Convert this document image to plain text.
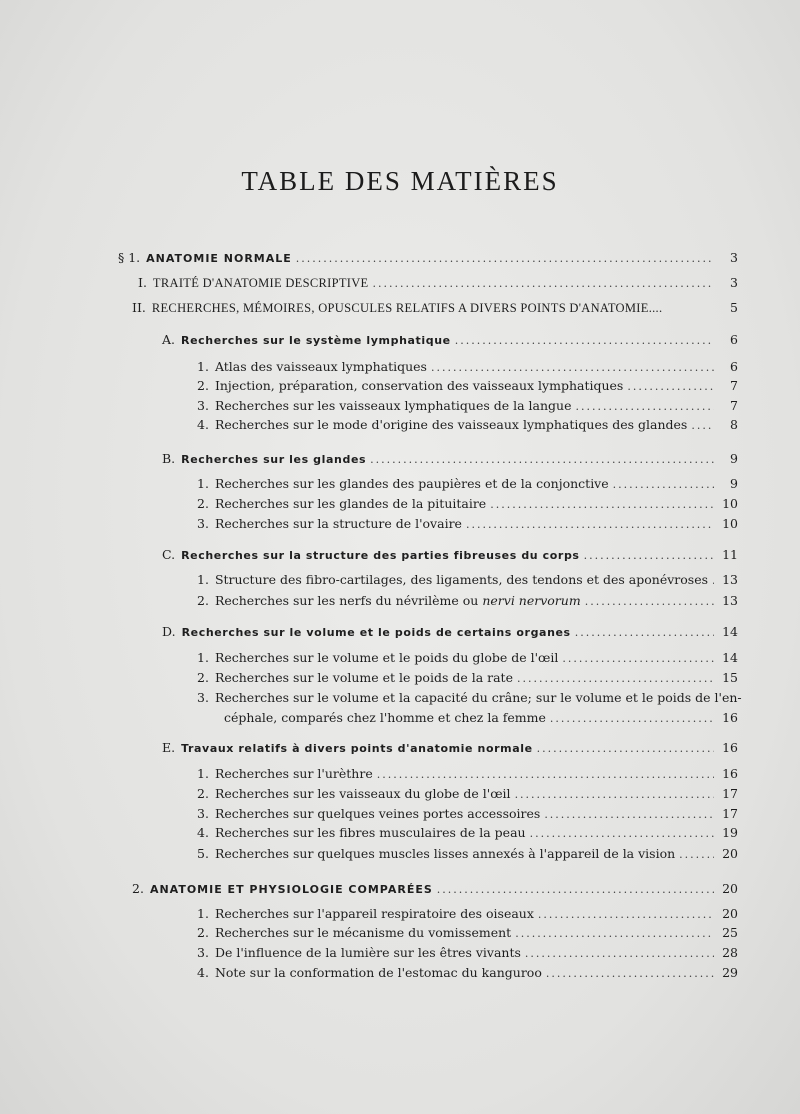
TABLE DES MATIÈRES
§ 1. ANATOMIE NORMALE .....	3
I. TRAITÉ D'ANATOMIE DESCRIPTIVE .....	3
II. RECHERCHES, MÉMOIRES, OPUSCULES RELATIFS A DIVERS POINTS D'ANATOMIE....	5
A. Recherches sur le système lymphatique .....	6
1. Atlas des vaisseaux lymphatiques .....	6
2. Injection, préparation, conservation des vaisseaux lymphatiques .....	7
3. Recherches sur les vaisseaux lymphatiques de la langue .....	7
4. Recherches sur le mode d'origine des vaisseaux lymphatiques des glandes .....	8
B. Recherches sur les glandes .....	9
1. Recherches sur les glandes des paupières et de la conjonctive .....	9
2. Recherches sur les glandes de la pituitaire .....	10
3. Recherches sur la structure de l'ovaire .....	10
C. Recherches sur la structure des parties fibreuses du corps .....	11
1. Structure des fibro-cartilages, des ligaments, des tendons et des aponévroses .....	13
2. Recherches sur les nerfs du névrilème ou nervi nervorum .....	13
D. Recherches sur le volume et le poids de certains organes .....	14
1. Recherches sur le volume et le poids du globe de l'œil .....	14
2. Recherches sur le volume et le poids de la rate .....	15
3. Recherches sur le volume et la capacité du crâne; sur le volume et le poids de l'en-
céphale, comparés chez l'homme et chez la femme .....	16
E. Travaux relatifs à divers points d'anatomie normale .....	16
1. Recherches sur l'urèthre .....	16
2. Recherches sur les vaisseaux du globe de l'œil .....	17
3. Recherches sur quelques veines portes accessoires .....	17
4. Recherches sur les fibres musculaires de la peau .....	19
5. Recherches sur quelques muscles lisses annexés à l'appareil de la vision .....	20
2. ANATOMIE ET PHYSIOLOGIE COMPARÉES .....	20
1. Recherches sur l'appareil respiratoire des oiseaux .....	20
2. Recherches sur le mécanisme du vomissement .....	25
3. De l'influence de la lumière sur les êtres vivants .....	28
4. Note sur la conformation de l'estomac du kanguroo .....	29
